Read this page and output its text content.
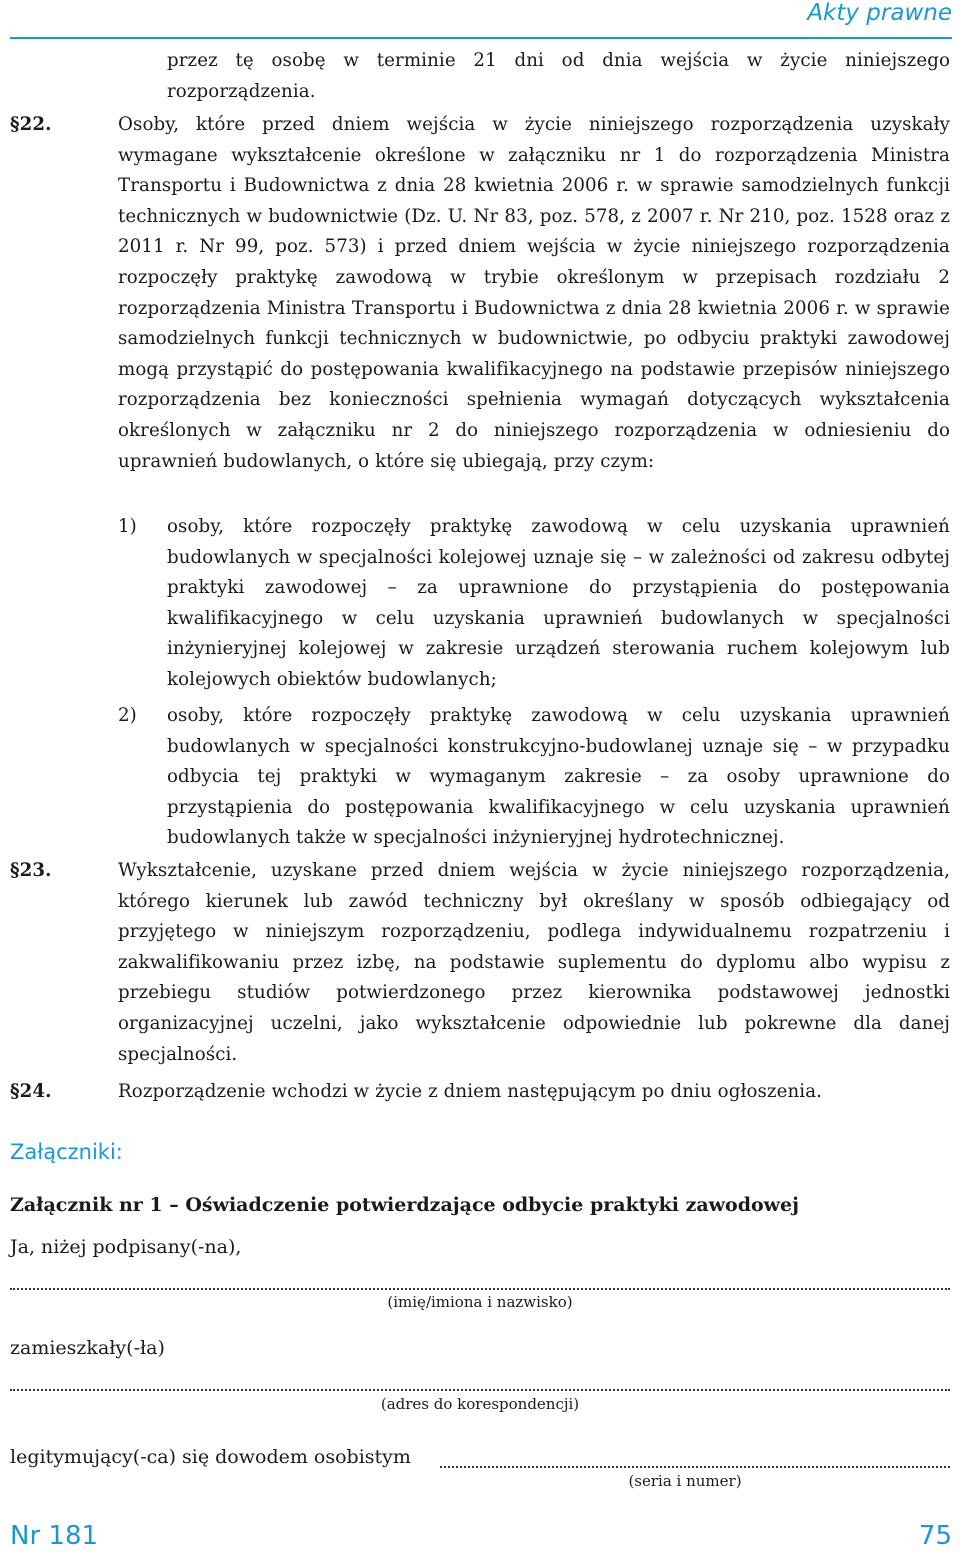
Akty prawne
przez tę osobę w terminie 21 dni od dnia wejścia w życie niniejszego rozporządzenia.
§22.	Osoby, które przed dniem wejścia w życie niniejszego rozporządzenia uzyskały wymagane wykształcenie określone w załączniku nr 1 do rozporządzenia Ministra Transportu i Budownictwa z dnia 28 kwietnia 2006 r. w sprawie samodzielnych funkcji technicznych w budownictwie (Dz. U. Nr 83, poz. 578, z 2007 r. Nr 210, poz. 1528 oraz z 2011 r. Nr 99, poz. 573) i przed dniem wejścia w życie niniejszego rozporządzenia rozpoczęły praktykę zawodową w trybie określonym w przepisach rozdziału 2 rozporządzenia Ministra Transportu i Budownictwa z dnia 28 kwietnia 2006 r. w sprawie samodzielnych funkcji technicznych w budownictwie, po odbyciu praktyki zawodowej mogą przystąpić do postępowania kwalifikacyjnego na podstawie przepisów niniejszego rozporządzenia bez konieczności spełnienia wymagań dotyczących wykształcenia określonych w załączniku nr 2 do niniejszego rozporządzenia w odniesieniu do uprawnień budowlanych, o które się ubiegają, przy czym:
1) osoby, które rozpoczęły praktykę zawodową w celu uzyskania uprawnień budowlanych w specjalności kolejowej uznaje się – w zależności od zakresu odbytej praktyki zawodowej – za uprawnione do przystąpienia do postępowania kwalifikacyjnego w celu uzyskania uprawnień budowlanych w specjalności inżynieryjnej kolejowej w zakresie urządzeń sterowania ruchem kolejowym lub kolejowych obiektów budowlanych;
2) osoby, które rozpoczęły praktykę zawodową w celu uzyskania uprawnień budowlanych w specjalności konstrukcyjno-budowlanej uznaje się – w przypadku odbycia tej praktyki w wymaganym zakresie – za osoby uprawnione do przystąpienia do postępowania kwalifikacyjnego w celu uzyskania uprawnień budowlanych także w specjalności inżynieryjnej hydrotechnicznej.
§23.	Wykształcenie, uzyskane przed dniem wejścia w życie niniejszego rozporządzenia, którego kierunek lub zawód techniczny był określany w sposób odbiegający od przyjętego w niniejszym rozporządzeniu, podlega indywidualnemu rozpatrzeniu i zakwalifikowaniu przez izbę, na podstawie suplementu do dyplomu albo wypisu z przebiegu studiów potwierdzonego przez kierownika podstawowej jednostki organizacyjnej uczelni, jako wykształcenie odpowiednie lub pokrewne dla danej specjalności.
§24.	Rozporządzenie wchodzi w życie z dniem następującym po dniu ogłoszenia.
Załączniki:
Załącznik nr 1 – Oświadczenie potwierdzające odbycie praktyki zawodowej
Ja, niżej podpisany(-na),
(imię/imiona i nazwisko)
zamieszkały(-ła)
(adres do korespondencji)
legitymujący(-ca) się dowodem osobistym
(seria i numer)
Nr 181	75
